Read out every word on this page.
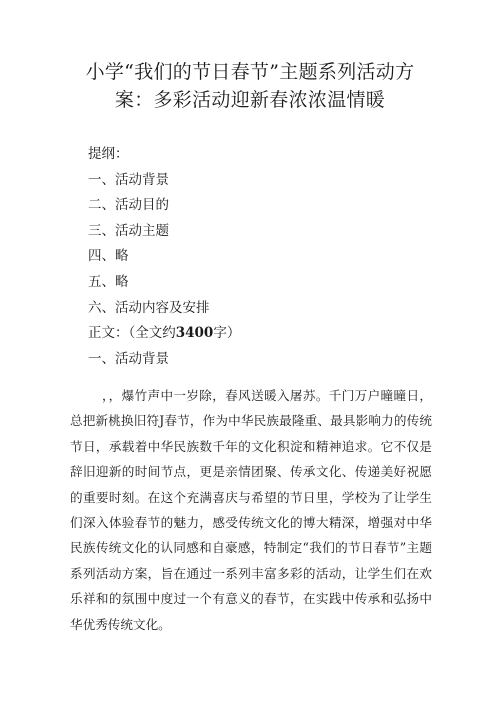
小学“我们的节日春节”主题系列活动方
案：多彩活动迎新春浓浓温情暖
提纲：
一、活动背景
二、活动目的
三、活动主题
四、略
五、略
六、活动内容及安排
正文：（全文约3400字）
一、活动背景

，，爆竹声中一岁除，春风送暖入屠苏。千门万户曈曈日，总把新桃换旧符J春节，作为中华民族最隆重、最具影响力的传统节日，承载着中华民族数千年的文化积淀和精神追求。它不仅是辞旧迎新的时间节点，更是亲情团聚、传承文化、传递美好祝愿的重要时刻。在这个充满喜庆与希望的节日里，学校为了让学生们深入体验春节的魅力，感受传统文化的博大精深，增强对中华民族传统文化的认同感和自豪感，特制定“我们的节日春节”主题系列活动方案，旨在通过一系列丰富多彩的活动，让学生们在欢乐祥和的氛围中度过一个有意义的春节，在实践中传承和弘扬中华优秀传统文化。
